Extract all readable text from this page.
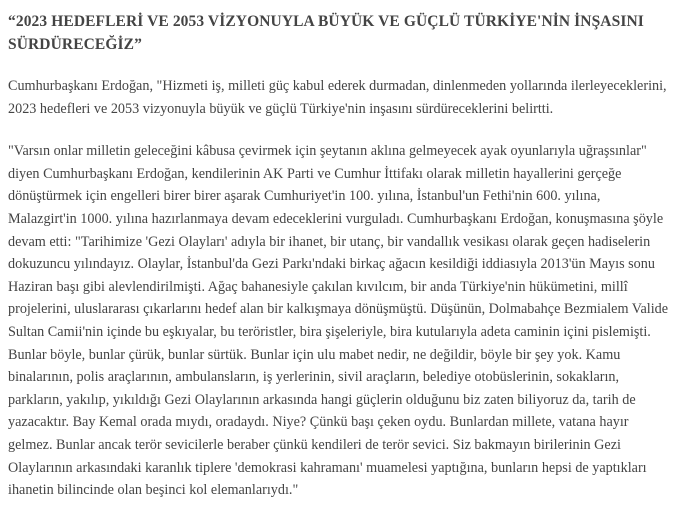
“2023 HEDEFLERİ VE 2053 VİZYONUYLA BÜYÜK VE GÜÇLÜ TÜRKİYE'NİN İNŞASINI SÜRDÜRECEĞİZ”

Cumhurbaşkanı Erdoğan, "Hizmeti iş, milleti güç kabul ederek durmadan, dinlenmeden yollarında ilerleyeceklerini, 2023 hedefleri ve 2053 vizyonuyla büyük ve güçlü Türkiye'nin inşasını sürdüreceklerini belirtti.

"Varsın onlar milletin geleceğini kâbusa çevirmek için şeytanın aklına gelmeyecek ayak oyunlarıyla uğraşsınlar" diyen Cumhurbaşkanı Erdoğan, kendilerinin AK Parti ve Cumhur İttifakı olarak milletin hayallerini gerçeğe dönüştürmek için engelleri birer birer aşarak Cumhuriyet'in 100. yılına, İstanbul'un Fethi'nin 600. yılına, Malazgirt'in 1000. yılına hazırlanmaya devam edeceklerini vurguladı. Cumhurbaşkanı Erdoğan, konuşmasına şöyle devam etti: "Tarihimize 'Gezi Olayları' adıyla bir ihanet, bir utanç, bir vandallık vesikası olarak geçen hadiselerin dokuzuncu yılındayız. Olaylar, İstanbul'da Gezi Parkı'ndaki birkaç ağacın kesildiği iddiasıyla 2013'ün Mayıs sonu Haziran başı gibi alevlendirilmişti. Ağaç bahanesiyle çakılan kıvılcım, bir anda Türkiye'nin hükümetini, millî projelerini, uluslararası çıkarlarını hedef alan bir kalkışmaya dönüşmüştü. Düşünün, Dolmabahçe Bezmialem Valide Sultan Camii'nin içinde bu eşkıyalar, bu teröristler, bira şişeleriyle, bira kutularıyla adeta caminin içini pislemişti. Bunlar böyle, bunlar çürük, bunlar sürtük. Bunlar için ulu mabet nedir, ne değildir, böyle bir şey yok. Kamu binalarının, polis araçlarının, ambulansların, iş yerlerinin, sivil araçların, belediye otobüslerinin, sokakların, parkların, yakılıp, yıkıldığı Gezi Olaylarının arkasında hangi güçlerin olduğunu biz zaten biliyoruz da, tarih de yazacaktır. Bay Kemal orada mıydı, oradaydı. Niye? Çünkü başı çeken oydu. Bunlardan millete, vatana hayır gelmez. Bunlar ancak terör sevicilerle beraber çünkü kendileri de terör sevici. Siz bakmayın birilerinin Gezi Olaylarının arkasındaki karanlık tiplere 'demokrasi kahramanı' muamelesi yaptığına, bunların hepsi de yaptıkları ihanetin bilincinde olan beşinci kol elemanlarıydı."
